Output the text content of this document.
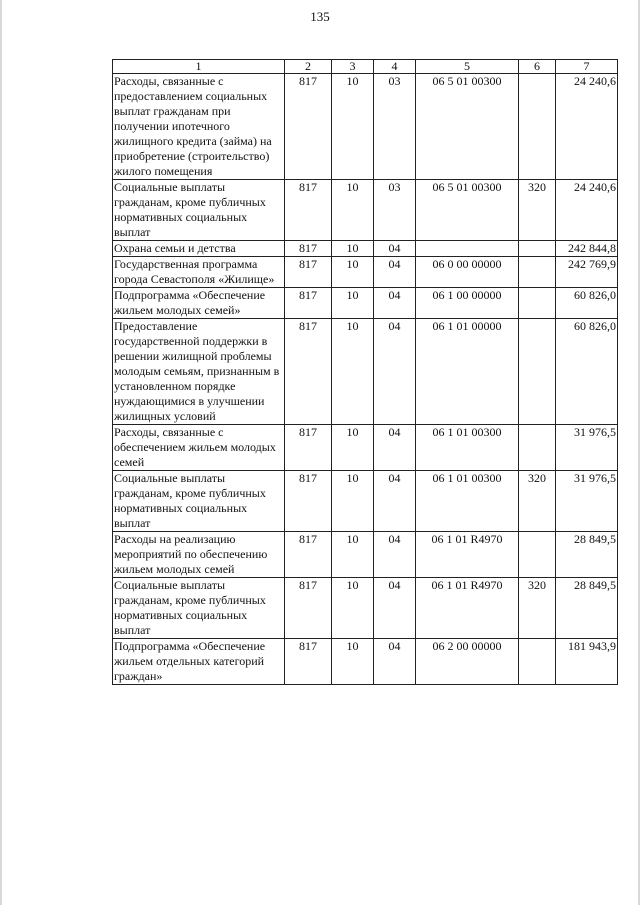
135
1	2	3	4	5	6	7
Расходы, связанные с предоставлением социальных выплат гражданам при получении ипотечного жилищного кредита (займа) на приобретение (строительство) жилого помещения	817	10	03	06 5 01 00300		24 240,6
Социальные выплаты гражданам, кроме публичных нормативных социальных выплат	817	10	03	06 5 01 00300	320	24 240,6
Охрана семьи и детства	817	10	04			242 844,8
Государственная программа города Севастополя «Жилище»	817	10	04	06 0 00 00000		242 769,9
Подпрограмма «Обеспечение жильем молодых семей»	817	10	04	06 1 00 00000		60 826,0
Предоставление государственной поддержки в решении жилищной проблемы молодым семьям, признанным в установленном порядке нуждающимися в улучшении жилищных условий	817	10	04	06 1 01 00000		60 826,0
Расходы, связанные с обеспечением жильем молодых семей	817	10	04	06 1 01 00300		31 976,5
Социальные выплаты гражданам, кроме публичных нормативных социальных выплат	817	10	04	06 1 01 00300	320	31 976,5
Расходы на реализацию мероприятий по обеспечению жильем молодых семей	817	10	04	06 1 01 R4970		28 849,5
Социальные выплаты гражданам, кроме публичных нормативных социальных выплат	817	10	04	06 1 01 R4970	320	28 849,5
Подпрограмма «Обеспечение жильем отдельных категорий граждан»	817	10	04	06 2 00 00000		181 943,9
